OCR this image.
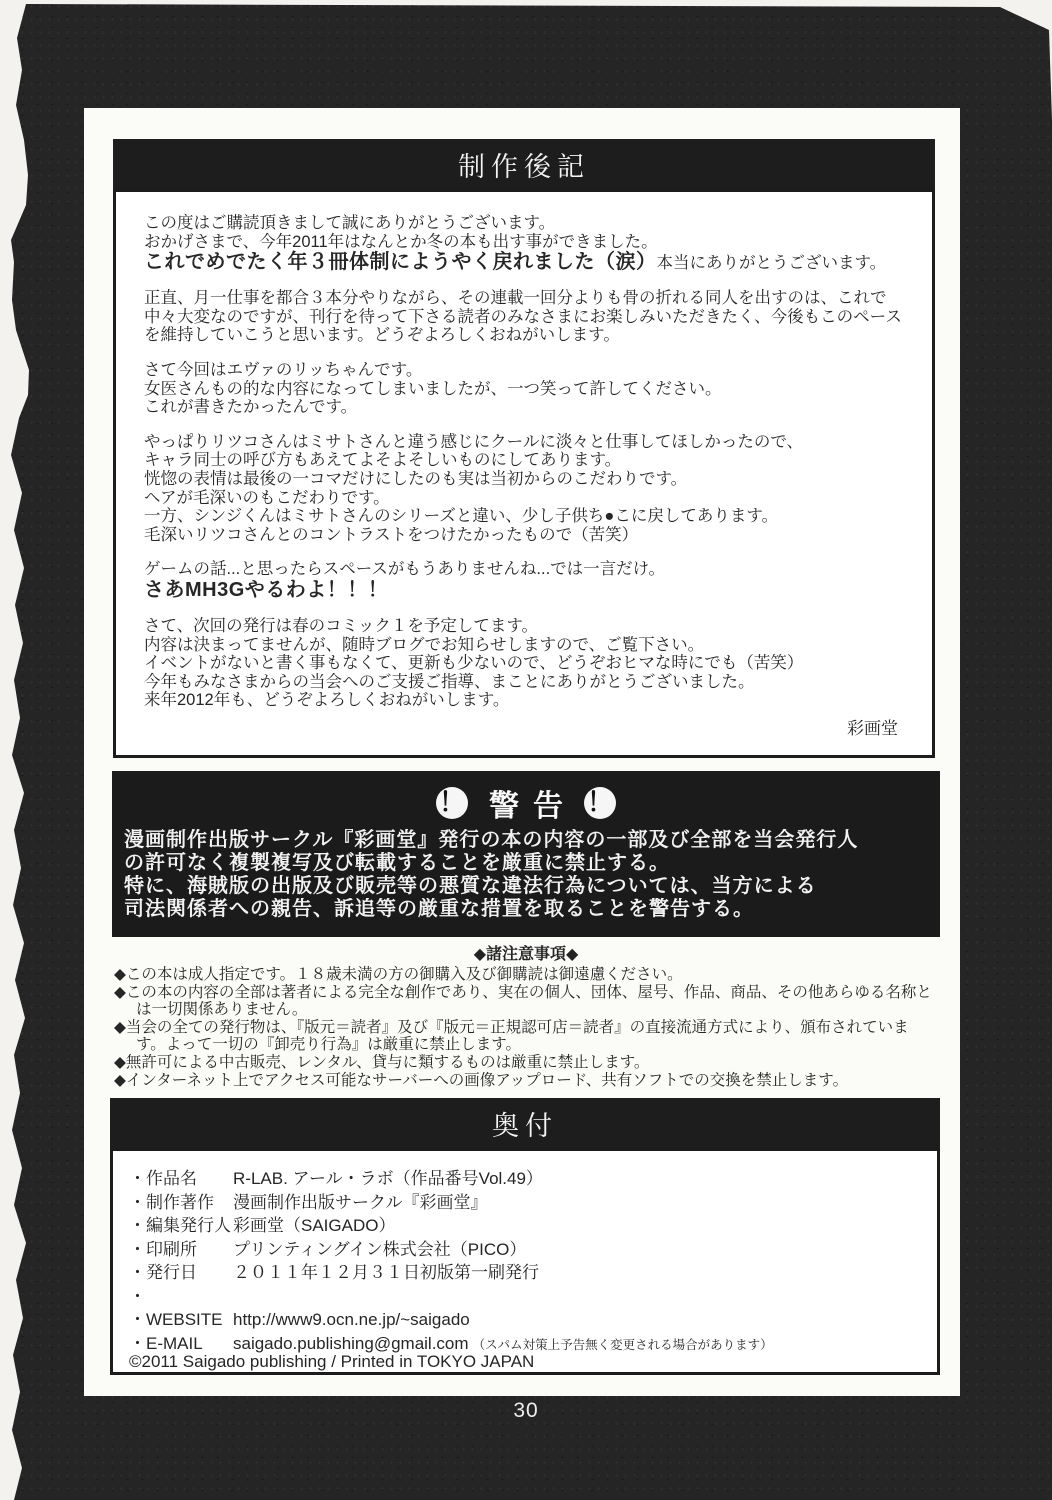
制作後記
この度はご購読頂きまして誠にありがとうございます。
おかげさまで、今年2011年はなんとか冬の本も出す事ができました。
これでめでたく年３冊体制にようやく戻れました（涙）本当にありがとうございます。
正直、月一仕事を都合３本分やりながら、その連載一回分よりも骨の折れる同人を出すのは、これで中々大変なのですが、刊行を待って下さる読者のみなさまにお楽しみいただきたく、今後もこのペースを維持していこうと思います。どうぞよろしくおねがいします。
さて今回はエヴァのリッちゃんです。
女医さんもの的な内容になってしまいましたが、一つ笑って許してください。
これが書きたかったんです。
やっぱりリツコさんはミサトさんと違う感じにクールに淡々と仕事してほしかったので、
キャラ同士の呼び方もあえてよそよそしいものにしてあります。
恍惚の表情は最後の一コマだけにしたのも実は当初からのこだわりです。
ヘアが毛深いのもこだわりです。
一方、シンジくんはミサトさんのシリーズと違い、少し子供ち●こに戻してあります。
毛深いリツコさんとのコントラストをつけたかったもので（苦笑）
ゲームの話...と思ったらスペースがもうありませんね...では一言だけ。
さあMH3Gやるわよ！！！
さて、次回の発行は春のコミック１を予定してます。
内容は決まってませんが、随時ブログでお知らせしますので、ご覧下さい。
イベントがないと書く事もなくて、更新も少ないので、どうぞおヒマな時にでも（苦笑）
今年もみなさまからの当会へのご支援ご指導、まことにありがとうございました。
来年2012年も、どうぞよろしくおねがいします。
彩画堂
！ 警告 ！
漫画制作出版サークル『彩画堂』発行の本の内容の一部及び全部を当会発行人
の許可なく複製複写及び転載することを厳重に禁止する。
特に、海賊版の出版及び販売等の悪質な違法行為については、当方による
司法関係者への親告、訴追等の厳重な措置を取ることを警告する。
◆諸注意事項◆
◆この本は成人指定です。１８歳未満の方の御購入及び御購読は御遠慮ください。
◆この本の内容の全部は著者による完全な創作であり、実在の個人、団体、屋号、作品、商品、その他あらゆる名称とは一切関係ありません。
◆当会の全ての発行物は、『版元＝読者』及び『版元＝正規認可店＝読者』の直接流通方式により、頒布されています。よって一切の『卸売り行為』は厳重に禁止します。
◆無許可による中古販売、レンタル、貸与に類するものは厳重に禁止します。
◆インターネット上でアクセス可能なサーバーへの画像アップロード、共有ソフトでの交換を禁止します。
奥付
・作品名 R-LAB. アール・ラボ（作品番号Vol.49）
・制作著作 漫画制作出版サークル『彩画堂』
・編集発行人 彩画堂（SAIGADO）
・印刷所 プリンティングイン株式会社（PICO）
・発行日 ２０１１年１２月３１日初版第一刷発行
・
・WEBSITE http://www9.ocn.ne.jp/~saigado
・E-MAIL saigado.publishing@gmail.com （スパム対策上予告無く変更される場合があります）
©2011 Saigado publishing / Printed in TOKYO JAPAN
30
